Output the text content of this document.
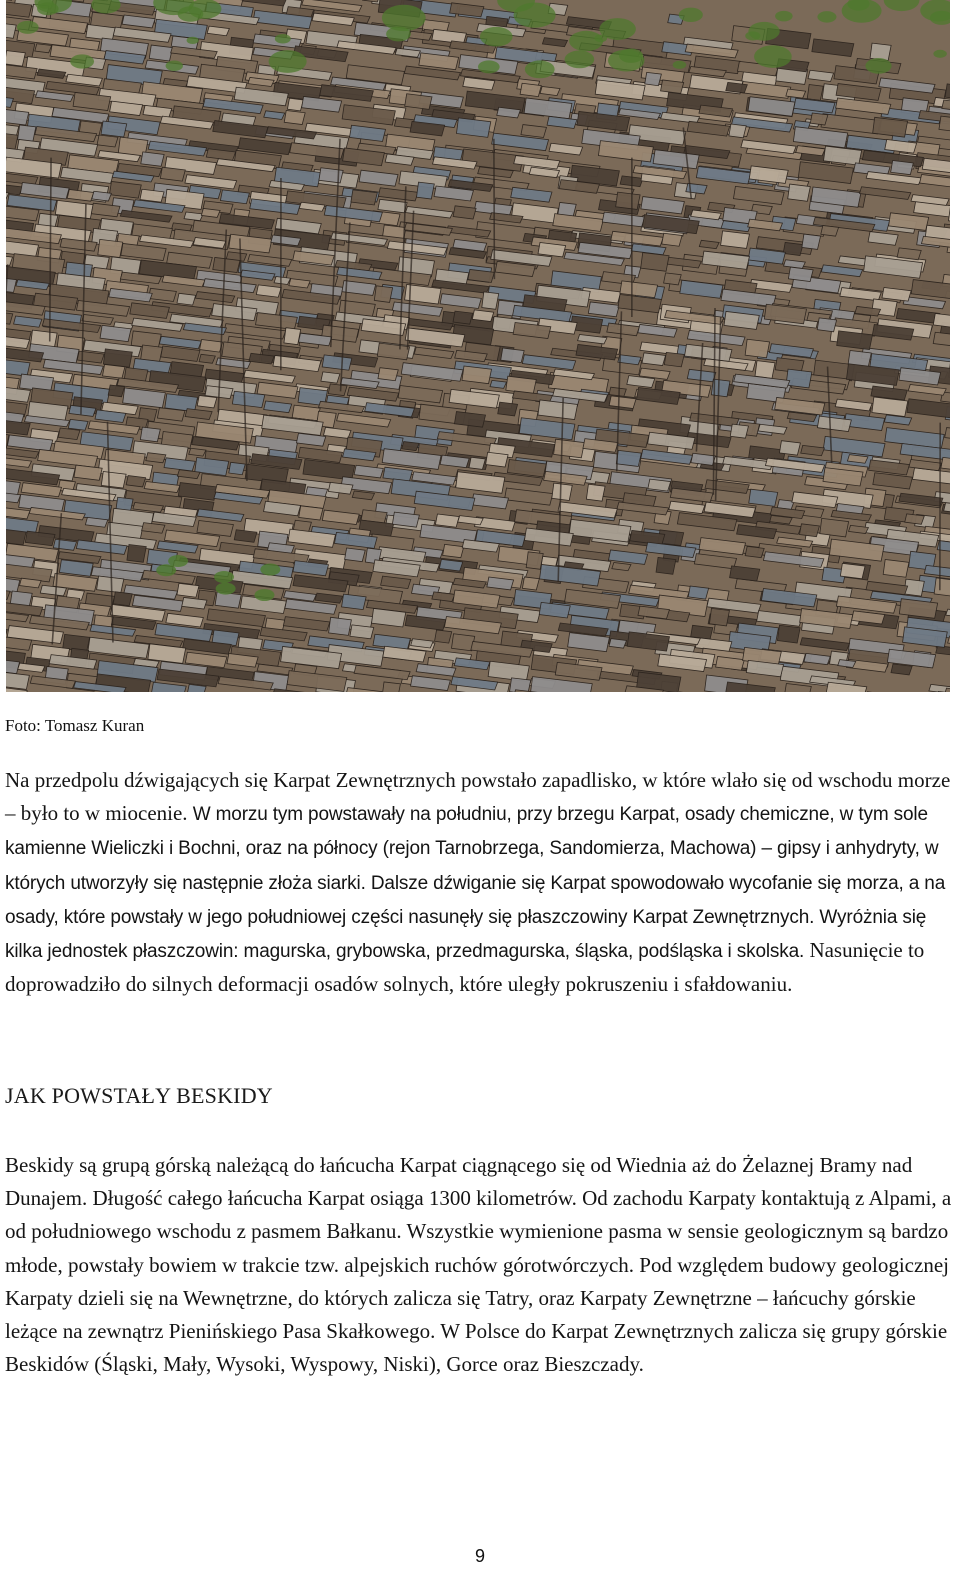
Foto: Tomasz Kuran
Na przedpolu dźwigających się Karpat Zewnętrznych powstało zapadlisko, w które wlało się od wschodu morze – było to w miocenie. W morzu tym powstawały na południu, przy brzegu Karpat, osady chemiczne, w tym sole kamienne Wieliczki i Bochni, oraz na północy (rejon Tarnobrzega, Sandomierza, Machowa) – gipsy i anhydryty, w których utworzyły się następnie złoża siarki. Dalsze dźwiganie się Karpat spowodowało wycofanie się morza, a na osady, które powstały w jego południowej części nasunęły się płaszczowiny Karpat Zewnętrznych. Wyróżnia się kilka jednostek płaszczowin: magurska, grybowska, przedmagurska, śląska, podśląska i skolska. Nasunięcie to doprowadziło do silnych deformacji osadów solnych, które uległy pokruszeniu i sfałdowaniu.
JAK POWSTAŁY BESKIDY
Beskidy są grupą górską należącą do łańcucha Karpat ciągnącego się od Wiednia aż do Żelaznej Bramy nad Dunajem. Długość całego łańcucha Karpat osiąga 1300 kilometrów. Od zachodu Karpaty kontaktują z Alpami, a od południowego wschodu z pasmem Bałkanu. Wszystkie wymienione pasma w sensie geologicznym są bardzo młode, powstały bowiem w trakcie tzw. alpejskich ruchów górotwórczych. Pod względem budowy geologicznej Karpaty dzieli się na Wewnętrzne, do których zalicza się Tatry, oraz Karpaty Zewnętrzne – łańcuchy górskie leżące na zewnątrz Pienińskiego Pasa Skałkowego. W Polsce do Karpat Zewnętrznych zalicza się grupy górskie Beskidów (Śląski, Mały, Wysoki, Wyspowy, Niski), Gorce oraz Bieszczady.
9
